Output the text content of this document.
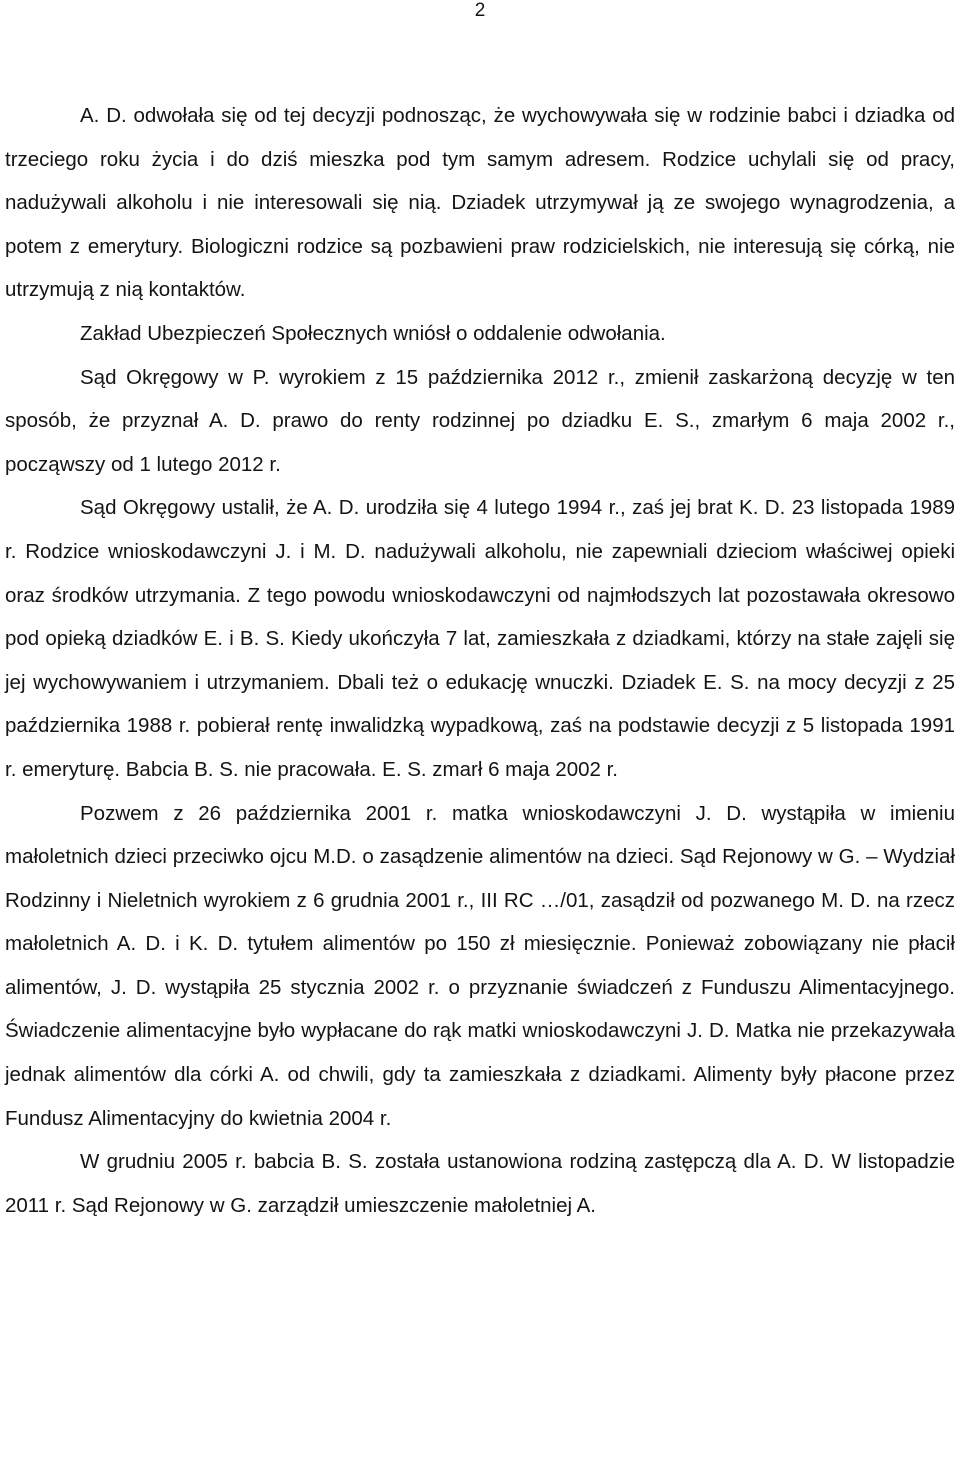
2

A. D. odwołała się od tej decyzji podnosząc, że wychowywała się w rodzinie babci i dziadka od trzeciego roku życia i do dziś mieszka pod tym samym adresem. Rodzice uchylali się od pracy, nadużywali alkoholu i nie interesowali się nią. Dziadek utrzymywał ją ze swojego wynagrodzenia, a potem z emerytury. Biologiczni rodzice są pozbawieni praw rodzicielskich, nie interesują się córką, nie utrzymują z nią kontaktów.

Zakład Ubezpieczeń Społecznych wniósł o oddalenie odwołania.

Sąd Okręgowy w P. wyrokiem z 15 października 2012 r., zmienił zaskarżoną decyzję w ten sposób, że przyznał A. D. prawo do renty rodzinnej po dziadku E. S., zmarłym 6 maja 2002 r., począwszy od 1 lutego 2012 r.

Sąd Okręgowy ustalił, że A. D. urodziła się 4 lutego 1994 r., zaś jej brat K. D. 23 listopada 1989 r. Rodzice wnioskodawczyni J. i M. D. nadużywali alkoholu, nie zapewniali dzieciom właściwej opieki oraz środków utrzymania. Z tego powodu wnioskodawczyni od najmłodszych lat pozostawała okresowo pod opieką dziadków E. i B. S. Kiedy ukończyła 7 lat, zamieszkała z dziadkami, którzy na stałe zajęli się jej wychowywaniem i utrzymaniem. Dbali też o edukację wnuczki. Dziadek E. S. na mocy decyzji z 25 października 1988 r. pobierał rentę inwalidzką wypadkową, zaś na podstawie decyzji z 5 listopada 1991 r. emeryturę. Babcia B. S. nie pracowała. E. S. zmarł 6 maja 2002 r.

Pozwem z 26 października 2001 r. matka wnioskodawczyni J. D. wystąpiła w imieniu małoletnich dzieci przeciwko ojcu M.D. o zasądzenie alimentów na dzieci. Sąd Rejonowy w G. – Wydział Rodzinny i Nieletnich wyrokiem z 6 grudnia 2001 r., III RC …/01, zasądził od pozwanego M. D. na rzecz małoletnich A. D. i K. D. tytułem alimentów po 150 zł miesięcznie. Ponieważ zobowiązany nie płacił alimentów, J. D. wystąpiła 25 stycznia 2002 r. o przyznanie świadczeń z Funduszu Alimentacyjnego. Świadczenie alimentacyjne było wypłacane do rąk matki wnioskodawczyni J. D. Matka nie przekazywała jednak alimentów dla córki A. od chwili, gdy ta zamieszkała z dziadkami. Alimenty były płacone przez Fundusz Alimentacyjny do kwietnia 2004 r.

W grudniu 2005 r. babcia B. S. została ustanowiona rodziną zastępczą dla A. D. W listopadzie 2011 r. Sąd Rejonowy w G. zarządził umieszczenie małoletniej A.
